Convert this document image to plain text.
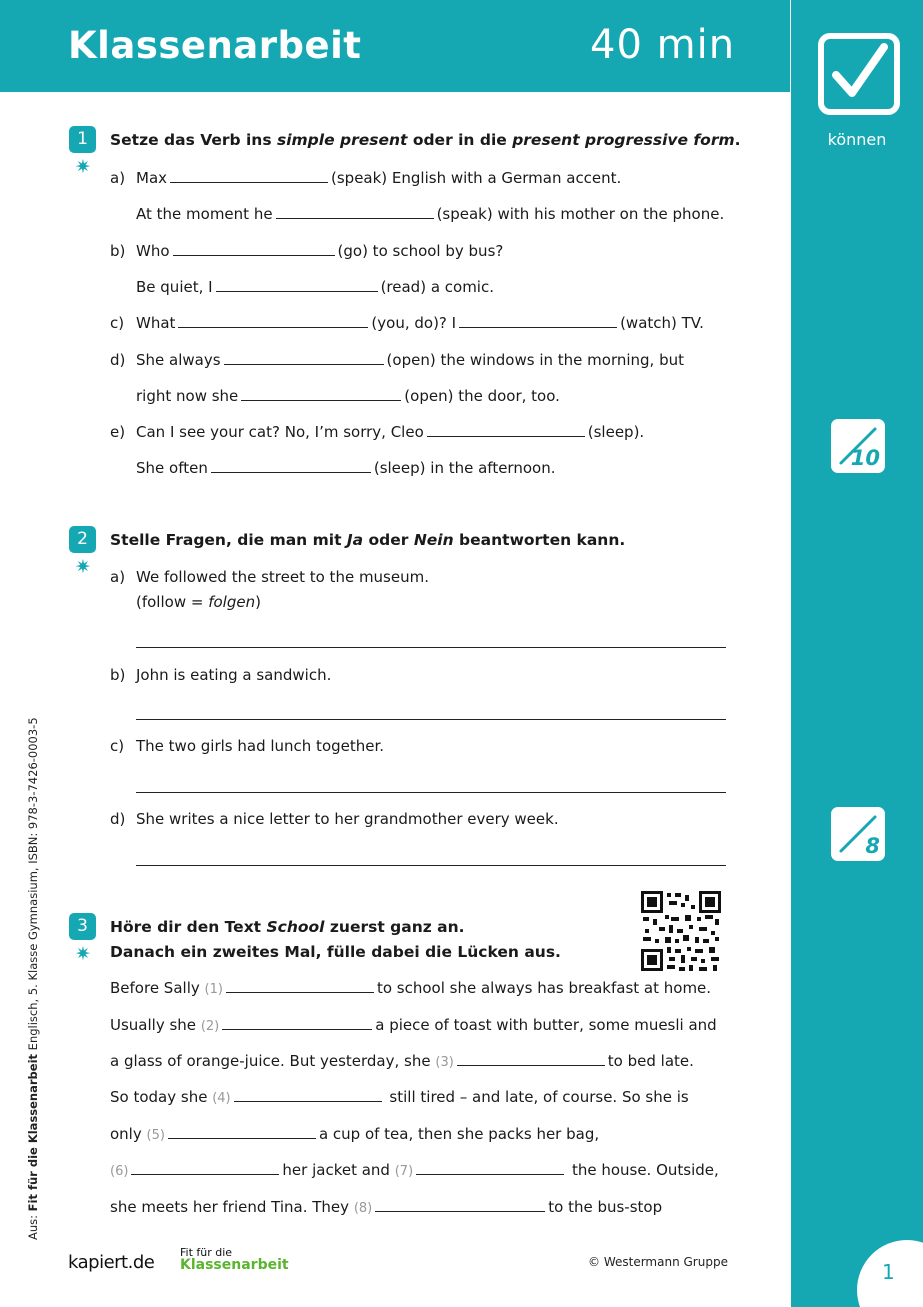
Klassenarbeit	40 min
können
10
8
1
1
✷
Setze das Verb ins simple present oder in die present progressive form.
a) Max	(speak) English with a German accent.
At the moment he	(speak) with his mother on the phone.
b) Who	(go) to school by bus?
Be quiet, I	(read) a comic.
c) What	(you, do)? I	(watch) TV.
d) She always	(open) the windows in the morning, but
right now she	(open) the door, too.
e) Can I see your cat? No, I’m sorry, Cleo	(sleep).
She often	(sleep) in the afternoon.
2
✷
Stelle Fragen, die man mit Ja oder Nein beantworten kann.
a) We followed the street to the museum.
(follow = folgen)
b) John is eating a sandwich.
c) The two girls had lunch together.
d) She writes a nice letter to her grandmother every week.
3
✷
Höre dir den Text School zuerst ganz an.
Danach ein zweites Mal, fülle dabei die Lücken aus.
Before Sally (1)	to school she always has breakfast at home.
Usually she (2)	a piece of toast with butter, some muesli and
a glass of orange-juice. But yesterday, she (3)	to bed late.
So today she (4)	still tired – and late, of course. So she is
only (5)	a cup of tea, then she packs her bag,
(6)	her jacket and (7)	the house. Outside,
she meets her friend Tina. They (8)	to the bus-stop
Aus: Fit für die Klassenarbeit Englisch, 5. Klasse Gymnasium, ISBN: 978-3-7426-0003-5
kapiert.de Fit für die
Klassenarbeit	© Westermann Gruppe
